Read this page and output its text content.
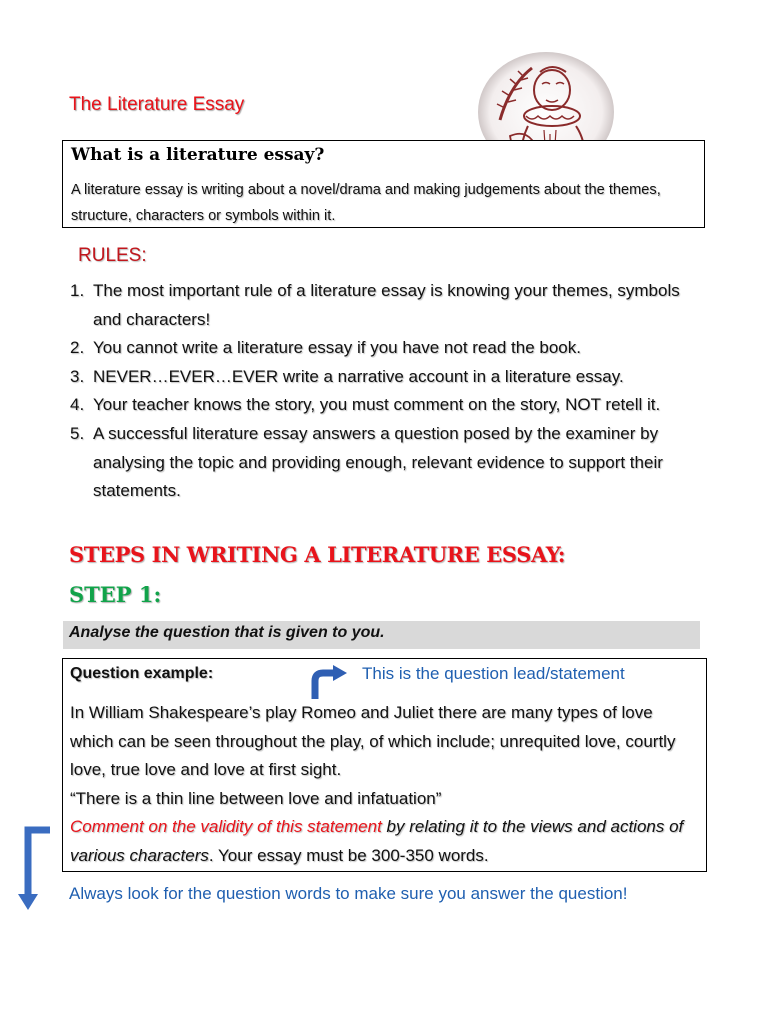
The Literature Essay
What is a literature essay?
A literature essay is writing about a novel/drama and making judgements about the themes, structure, characters or symbols within it.
RULES:
1. The most important rule of a literature essay is knowing your themes, symbols and characters!
2. You cannot write a literature essay if you have not read the book.
3. NEVER…EVER…EVER write a narrative account in a literature essay.
4. Your teacher knows the story, you must comment on the story, NOT retell it.
5. A successful literature essay answers a question posed by the examiner by analysing the topic and providing enough, relevant evidence to support their statements.
STEPS IN WRITING A LITERATURE ESSAY:
STEP 1:
Analyse the question that is given to you.
Question example:	This is the question lead/statement

In William Shakespeare’s play Romeo and Juliet there are many types of love which can be seen throughout the play, of which include; unrequited love, courtly love, true love and love at first sight.

“There is a thin line between love and infatuation”

Comment on the validity of this statement by relating it to the views and actions of various characters. Your essay must be 300-350 words.

Always look for the question words to make sure you answer the question!
